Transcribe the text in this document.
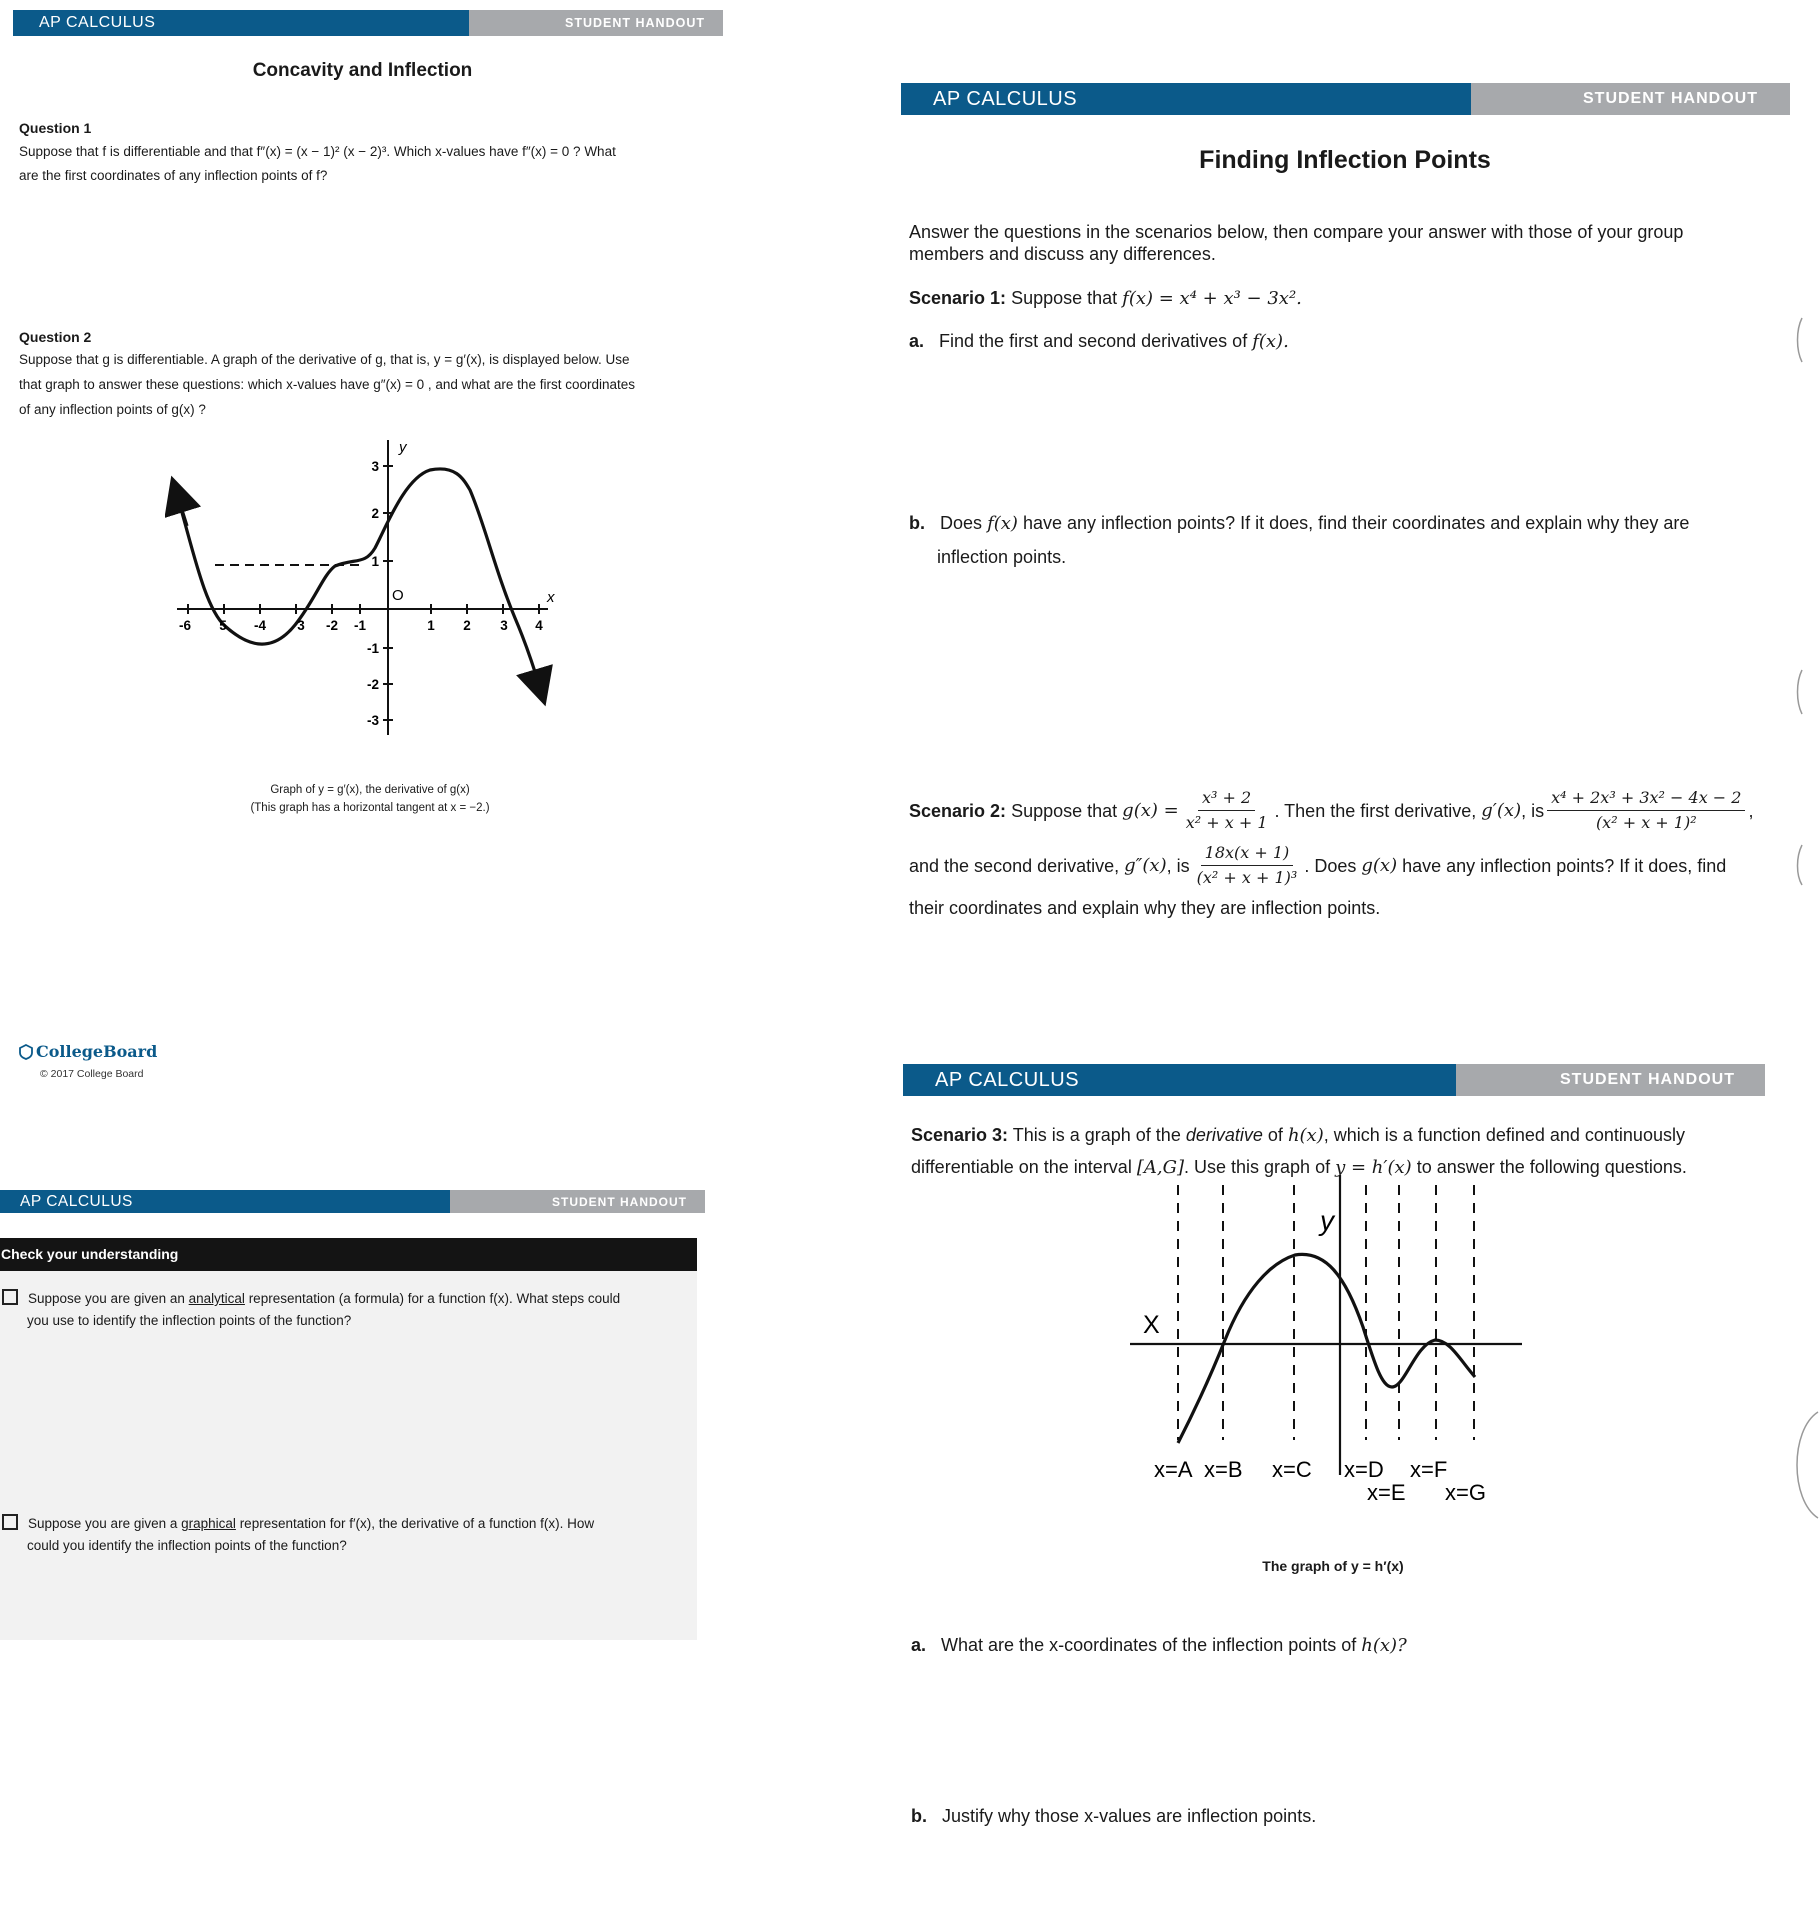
AP CALCULUS	STUDENT HANDOUT
Concavity and Inflection
Question 1
Suppose that f is differentiable and that f″(x) = (x − 1)² (x − 2)³. Which x-values have f″(x) = 0 ? What
are the first coordinates of any inflection points of f?
Question 2
Suppose that g is differentiable. A graph of the derivative of g, that is, y = g′(x), is displayed below. Use
that graph to answer these questions: which x-values have g″(x) = 0 , and what are the first coordinates
of any inflection points of g(x) ?
x
y
O
-6 5 -4 3 -2 -1	1 2 3 4
3
2
1
-1
-2
-3
Graph of y = g′(x), the derivative of g(x)
(This graph has a horizontal tangent at x = −2.)
CollegeBoard
© 2017 College Board
AP CALCULUS	STUDENT HANDOUT
Check your understanding
Suppose you are given an analytical representation (a formula) for a function f(x). What steps could
you use to identify the inflection points of the function?
Suppose you are given a graphical representation for f′(x), the derivative of a function f(x). How
could you identify the inflection points of the function?
AP CALCULUS	STUDENT HANDOUT
Finding Inflection Points
Answer the questions in the scenarios below, then compare your answer with those of your group
members and discuss any differences.
Scenario 1: Suppose that f(x) = x⁴ + x³ − 3x².
a. Find the first and second derivatives of f(x).
b. Does f(x) have any inflection points? If it does, find their coordinates and explain why they are
inflection points.
Scenario 2:
Suppose that
$g(x) = \frac{\text{x³ + 2}}{\text{x² + x + 1}}$ . Then the first derivative,
g′(x) , is $\frac{\text{x⁴ + 2x³ + 3x² − 4x − 2}}{\text{(x² + x + 1)²}}$ ,
and the second derivative,
g″(x) , is $\frac{18x(x + 1)}{\text{(x² + x + 1)³}}$ . Does
g(x)
have any inflection points? If it does, find
their coordinates and explain why they are inflection points.
AP CALCULUS	STUDENT HANDOUT
Scenario 3: This is a graph of the derivative of h(x), which is a function defined and continuously
differentiable on the interval [A,G]. Use this graph of y = h′(x) to answer the following questions.
X
y
x=A x=B x=C x=D
x=E
x=F
x=G
The graph of y = h′(x)
a. What are the x-coordinates of the inflection points of h(x)?
b. Justify why those x-values are inflection points.
